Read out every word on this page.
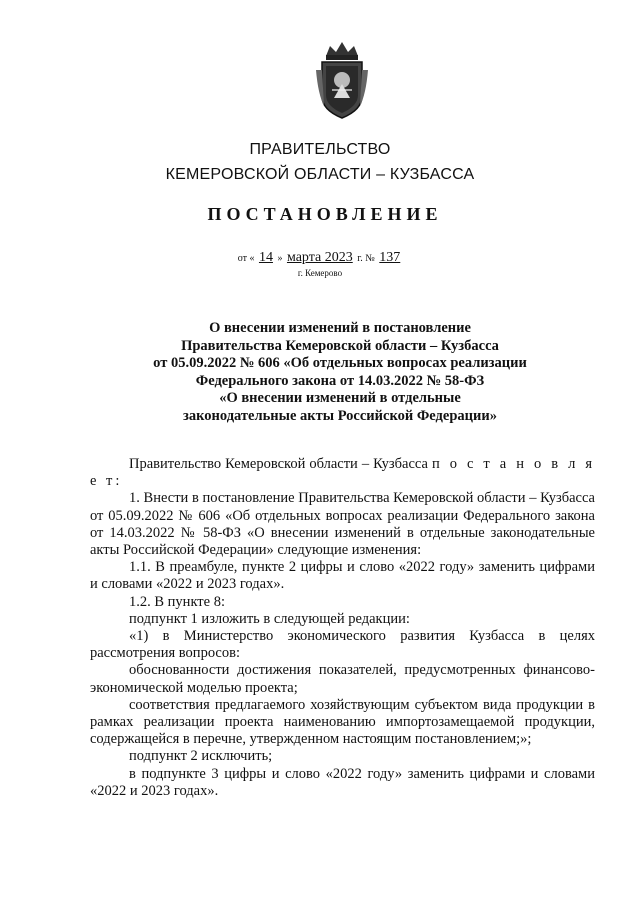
ПРАВИТЕЛЬСТВО
КЕМЕРОВСКОЙ ОБЛАСТИ – КУЗБАССА
ПОСТАНОВЛЕНИЕ
от « 14 » марта 2023 г. № 137
г. Кемерово
О внесении изменений в постановление
Правительства Кемеровской области – Кузбасса
от 05.09.2022 № 606 «Об отдельных вопросах реализации
Федерального закона от 14.03.2022 № 58-ФЗ
«О внесении изменений в отдельные
законодательные акты Российской Федерации»

Правительство Кемеровской области – Кузбасса п о с т а н о в л я е т:

1. Внести в постановление Правительства Кемеровской области – Кузбасса от 05.09.2022 № 606 «Об отдельных вопросах реализации Федерального закона от 14.03.2022 № 58-ФЗ «О внесении изменений в отдельные законодательные акты Российской Федерации» следующие изменения:

1.1. В преамбуле, пункте 2 цифры и слово «2022 году» заменить цифрами и словами «2022 и 2023 годах».

1.2. В пункте 8:

подпункт 1 изложить в следующей редакции:

«1) в Министерство экономического развития Кузбасса в целях рассмотрения вопросов:

обоснованности достижения показателей, предусмотренных финансово-экономической моделью проекта;

соответствия предлагаемого хозяйствующим субъектом вида продукции в рамках реализации проекта наименованию импортозамещаемой продукции, содержащейся в перечне, утвержденном настоящим постановлением;»;

подпункт 2 исключить;

в подпункте 3 цифры и слово «2022 году» заменить цифрами и словами «2022 и 2023 годах».
